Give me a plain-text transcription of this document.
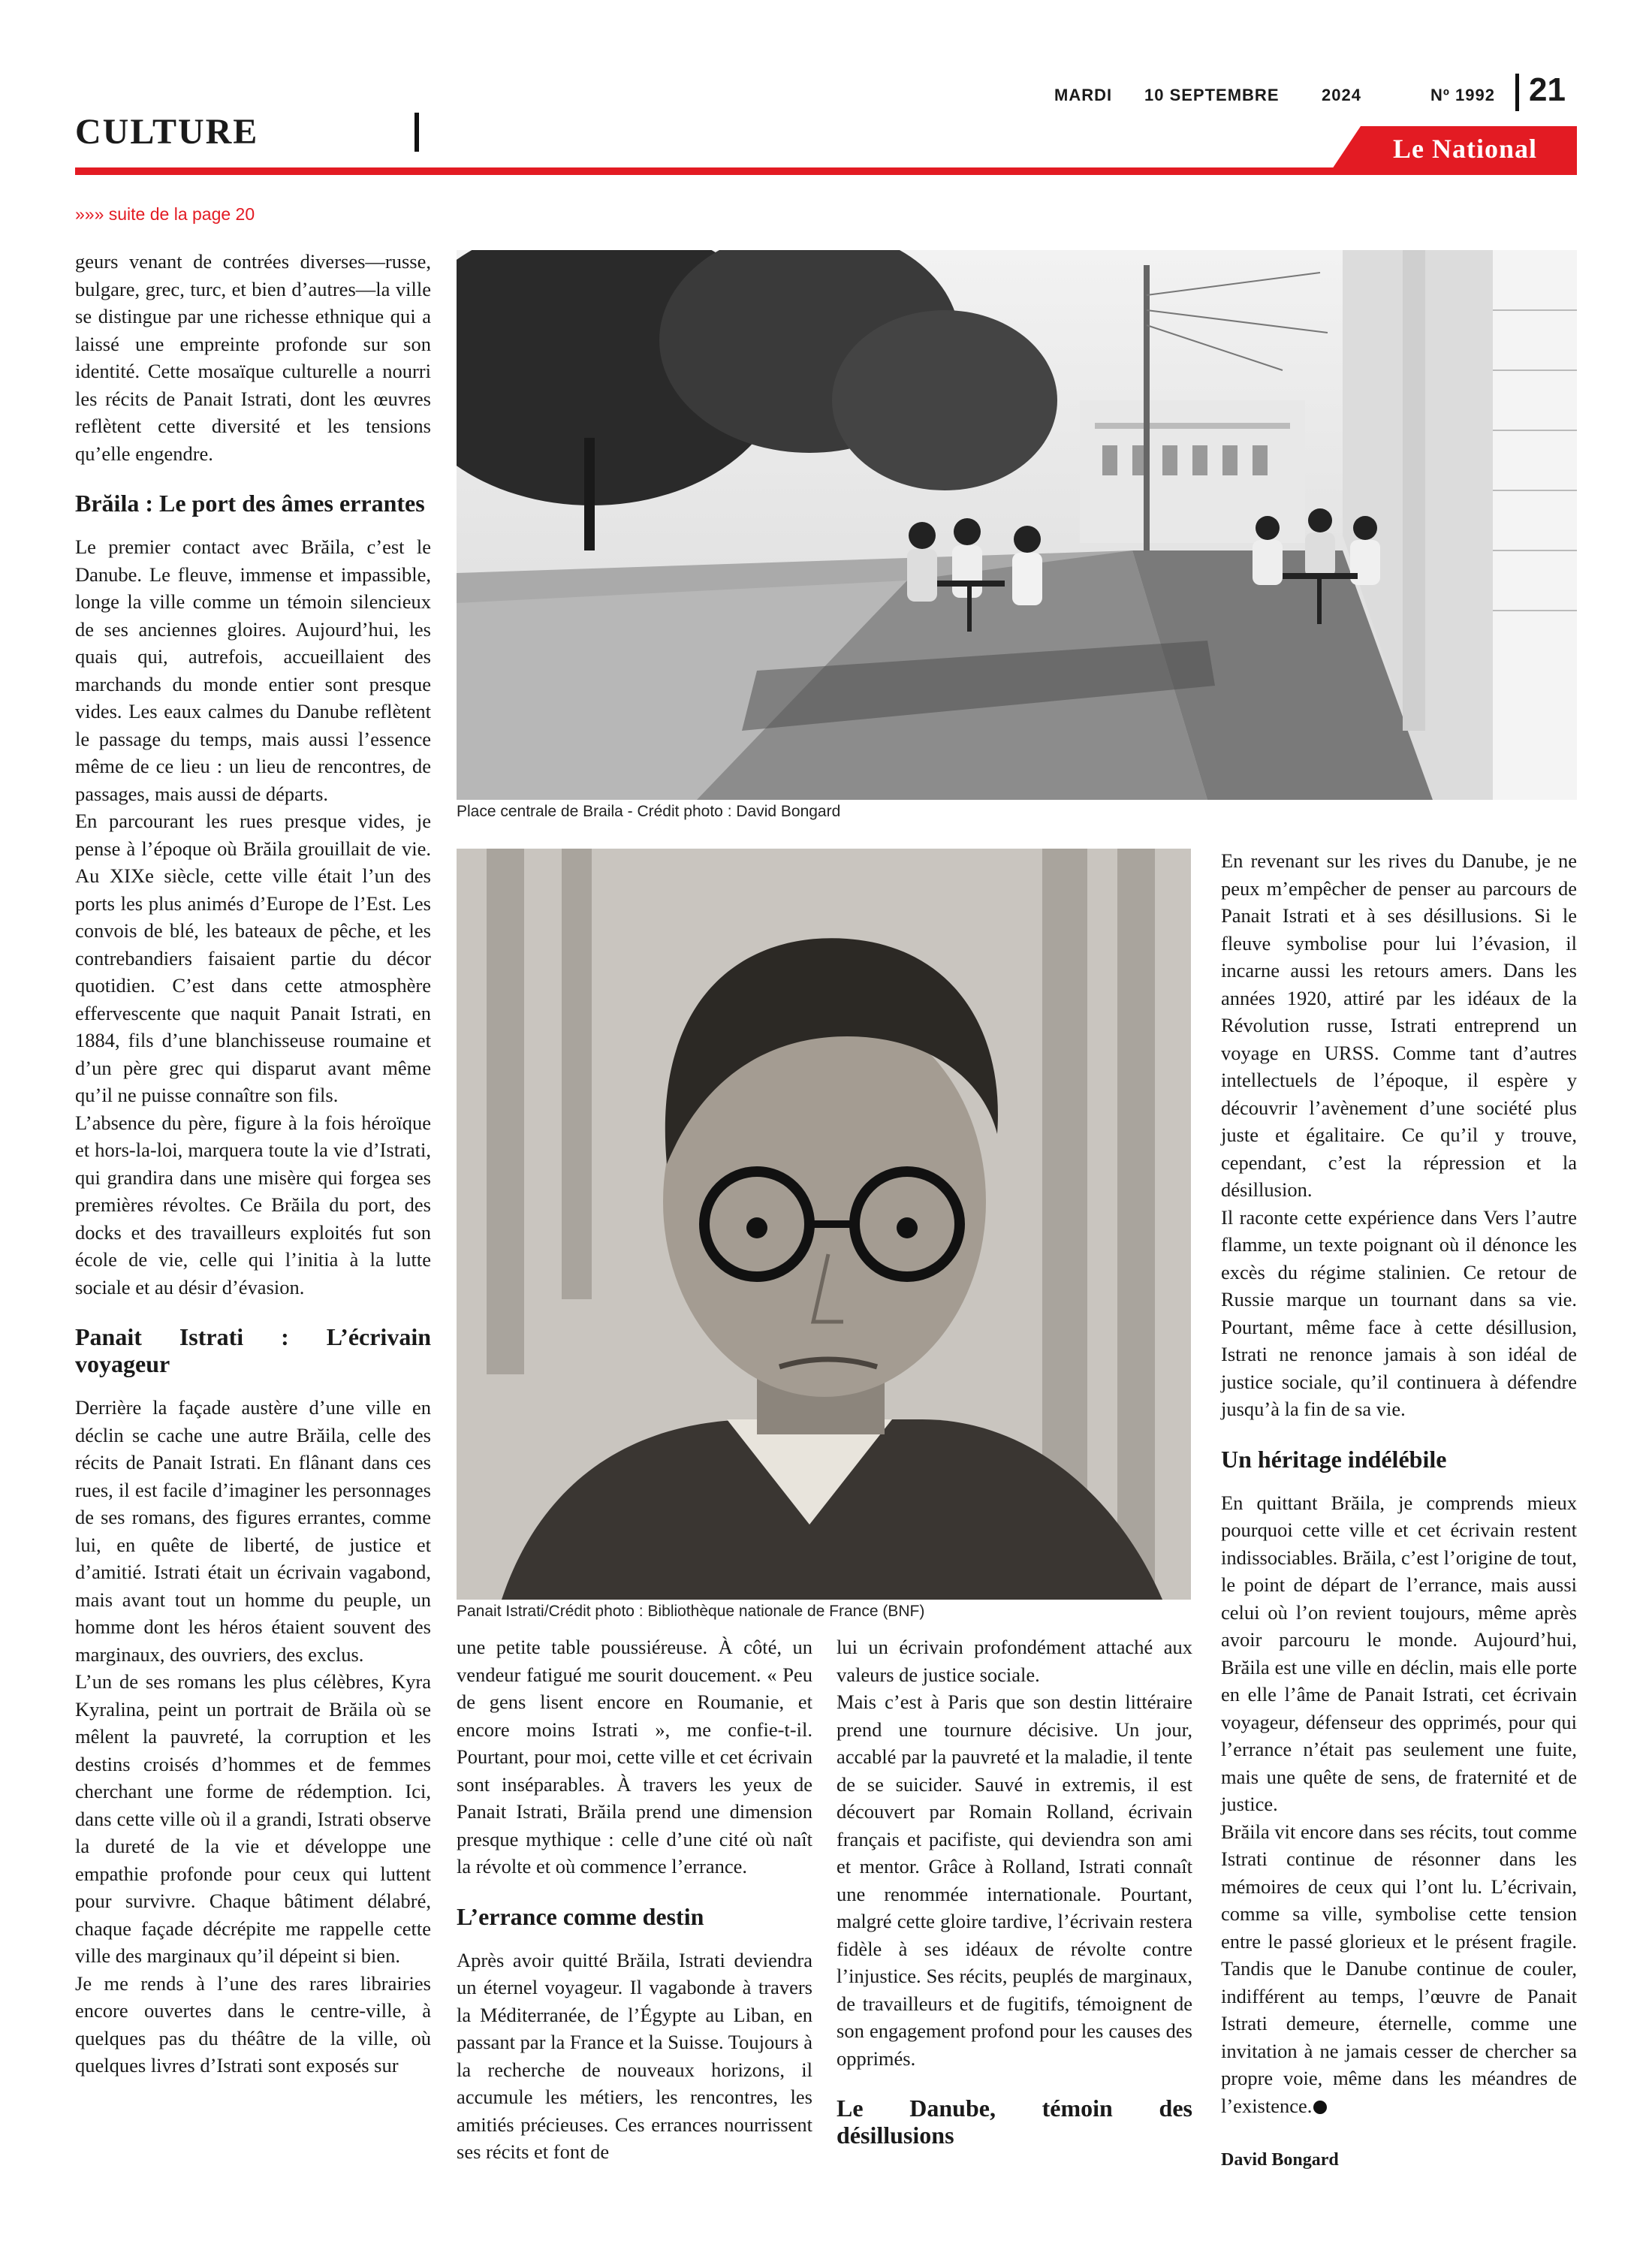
CULTURE
MARDI 10 SEPTEMBRE	2024	Nº 1992 21
Le National
»»» suite de la page 20

geurs venant de contrées diverses—russe, bulgare, grec, turc, et bien d’autres—la ville se distingue par une richesse ethnique qui a laissé une empreinte profonde sur son identité. Cette mosaïque culturelle a nourri les récits de Panait Istrati, dont les œuvres reflètent cette diversité et les tensions qu’elle engendre.

Brăila : Le port des âmes errantes

Le premier contact avec Brăila, c’est le Danube. Le fleuve, immense et impassible, longe la ville comme un témoin silencieux de ses anciennes gloires. Aujourd’hui, les quais qui, autrefois, accueillaient des marchands du monde entier sont presque vides. Les eaux calmes du Danube reflètent le passage du temps, mais aussi l’essence même de ce lieu : un lieu de rencontres, de passages, mais aussi de départs.

En parcourant les rues presque vides, je pense à l’époque où Brăila grouillait de vie. Au XIXe siècle, cette ville était l’un des ports les plus animés d’Europe de l’Est. Les convois de blé, les bateaux de pêche, et les contrebandiers faisaient partie du décor quotidien. C’est dans cette atmosphère effervescente que naquit Panait Istrati, en 1884, fils d’une blanchisseuse roumaine et d’un père grec qui disparut avant même qu’il ne puisse connaître son fils.

L’absence du père, figure à la fois héroïque et hors-la-loi, marquera toute la vie d’Istrati, qui grandira dans une misère qui forgea ses premières révoltes. Ce Brăila du port, des docks et des travailleurs exploités fut son école de vie, celle qui l’initia à la lutte sociale et au désir d’évasion.

Panait Istrati : L’écrivain voyageur

Derrière la façade austère d’une ville en déclin se cache une autre Brăila, celle des récits de Panait Istrati. En flânant dans ces rues, il est facile d’imaginer les personnages de ses romans, des figures errantes, comme lui, en quête de liberté, de justice et d’amitié. Istrati était un écrivain vagabond, mais avant tout un homme du peuple, un homme dont les héros étaient souvent des marginaux, des ouvriers, des exclus.

L’un de ses romans les plus célèbres, Kyra Kyralina, peint un portrait de Brăila où se mêlent la pauvreté, la corruption et les destins croisés d’hommes et de femmes cherchant une forme de rédemption. Ici, dans cette ville où il a grandi, Istrati observe la dureté de la vie et développe une empathie profonde pour ceux qui luttent pour survivre. Chaque bâtiment délabré, chaque façade décrépite me rappelle cette ville des marginaux qu’il dépeint si bien.

Je me rends à l’une des rares librairies encore ouvertes dans le centre-ville, à quelques pas du théâtre de la ville, où quelques livres d’Istrati sont exposés sur

Place centrale de Braila - Crédit photo : David Bongard
Panait Istrati/Crédit photo : Bibliothèque nationale de France (BNF)

une petite table poussiéreuse. À côté, un vendeur fatigué me sourit doucement. « Peu de gens lisent encore en Roumanie, et encore moins Istrati », me confie-t-il. Pourtant, pour moi, cette ville et cet écrivain sont inséparables. À travers les yeux de Panait Istrati, Brăila prend une dimension presque mythique : celle d’une cité où naît la révolte et où commence l’errance.

L’errance comme destin

Après avoir quitté Brăila, Istrati deviendra un éternel voyageur. Il vagabonde à travers la Méditerranée, de l’Égypte au Liban, en passant par la France et la Suisse. Toujours à la recherche de nouveaux horizons, il accumule les métiers, les rencontres, les amitiés précieuses. Ces errances nourrissent ses récits et font de

lui un écrivain profondément attaché aux valeurs de justice sociale.

Mais c’est à Paris que son destin littéraire prend une tournure décisive. Un jour, accablé par la pauvreté et la maladie, il tente de se suicider. Sauvé in extremis, il est découvert par Romain Rolland, écrivain français et pacifiste, qui deviendra son ami et mentor. Grâce à Rolland, Istrati connaît une renommée internationale. Pourtant, malgré cette gloire tardive, l’écrivain restera fidèle à ses idéaux de révolte contre l’injustice. Ses récits, peuplés de marginaux, de travailleurs et de fugitifs, témoignent de son engagement profond pour les causes des opprimés.

Le Danube, témoin des désillusions

En revenant sur les rives du Danube, je ne peux m’empêcher de penser au parcours de Panait Istrati et à ses désillusions. Si le fleuve symbolise pour lui l’évasion, il incarne aussi les retours amers. Dans les années 1920, attiré par les idéaux de la Révolution russe, Istrati entreprend un voyage en URSS. Comme tant d’autres intellectuels de l’époque, il espère y découvrir l’avènement d’une société plus juste et égalitaire. Ce qu’il y trouve, cependant, c’est la répression et la désillusion.

Il raconte cette expérience dans Vers l’autre flamme, un texte poignant où il dénonce les excès du régime stalinien. Ce retour de Russie marque un tournant dans sa vie. Pourtant, même face à cette désillusion, Istrati ne renonce jamais à son idéal de justice sociale, qu’il continuera à défendre jusqu’à la fin de sa vie.

Un héritage indélébile

En quittant Brăila, je comprends mieux pourquoi cette ville et cet écrivain restent indissociables. Brăila, c’est l’origine de tout, le point de départ de l’errance, mais aussi celui où l’on revient toujours, même après avoir parcouru le monde. Aujourd’hui, Brăila est une ville en déclin, mais elle porte en elle l’âme de Panait Istrati, cet écrivain voyageur, défenseur des opprimés, pour qui l’errance n’était pas seulement une fuite, mais une quête de sens, de fraternité et de justice.

Brăila vit encore dans ses récits, tout comme Istrati continue de résonner dans les mémoires de ceux qui l’ont lu. L’écrivain, comme sa ville, symbolise cette tension entre le passé glorieux et le présent fragile. Tandis que le Danube continue de couler, indifférent au temps, l’œuvre de Panait Istrati demeure, éternelle, comme une invitation à ne jamais cesser de chercher sa propre voie, même dans les méandres de l’existence.

David Bongard
